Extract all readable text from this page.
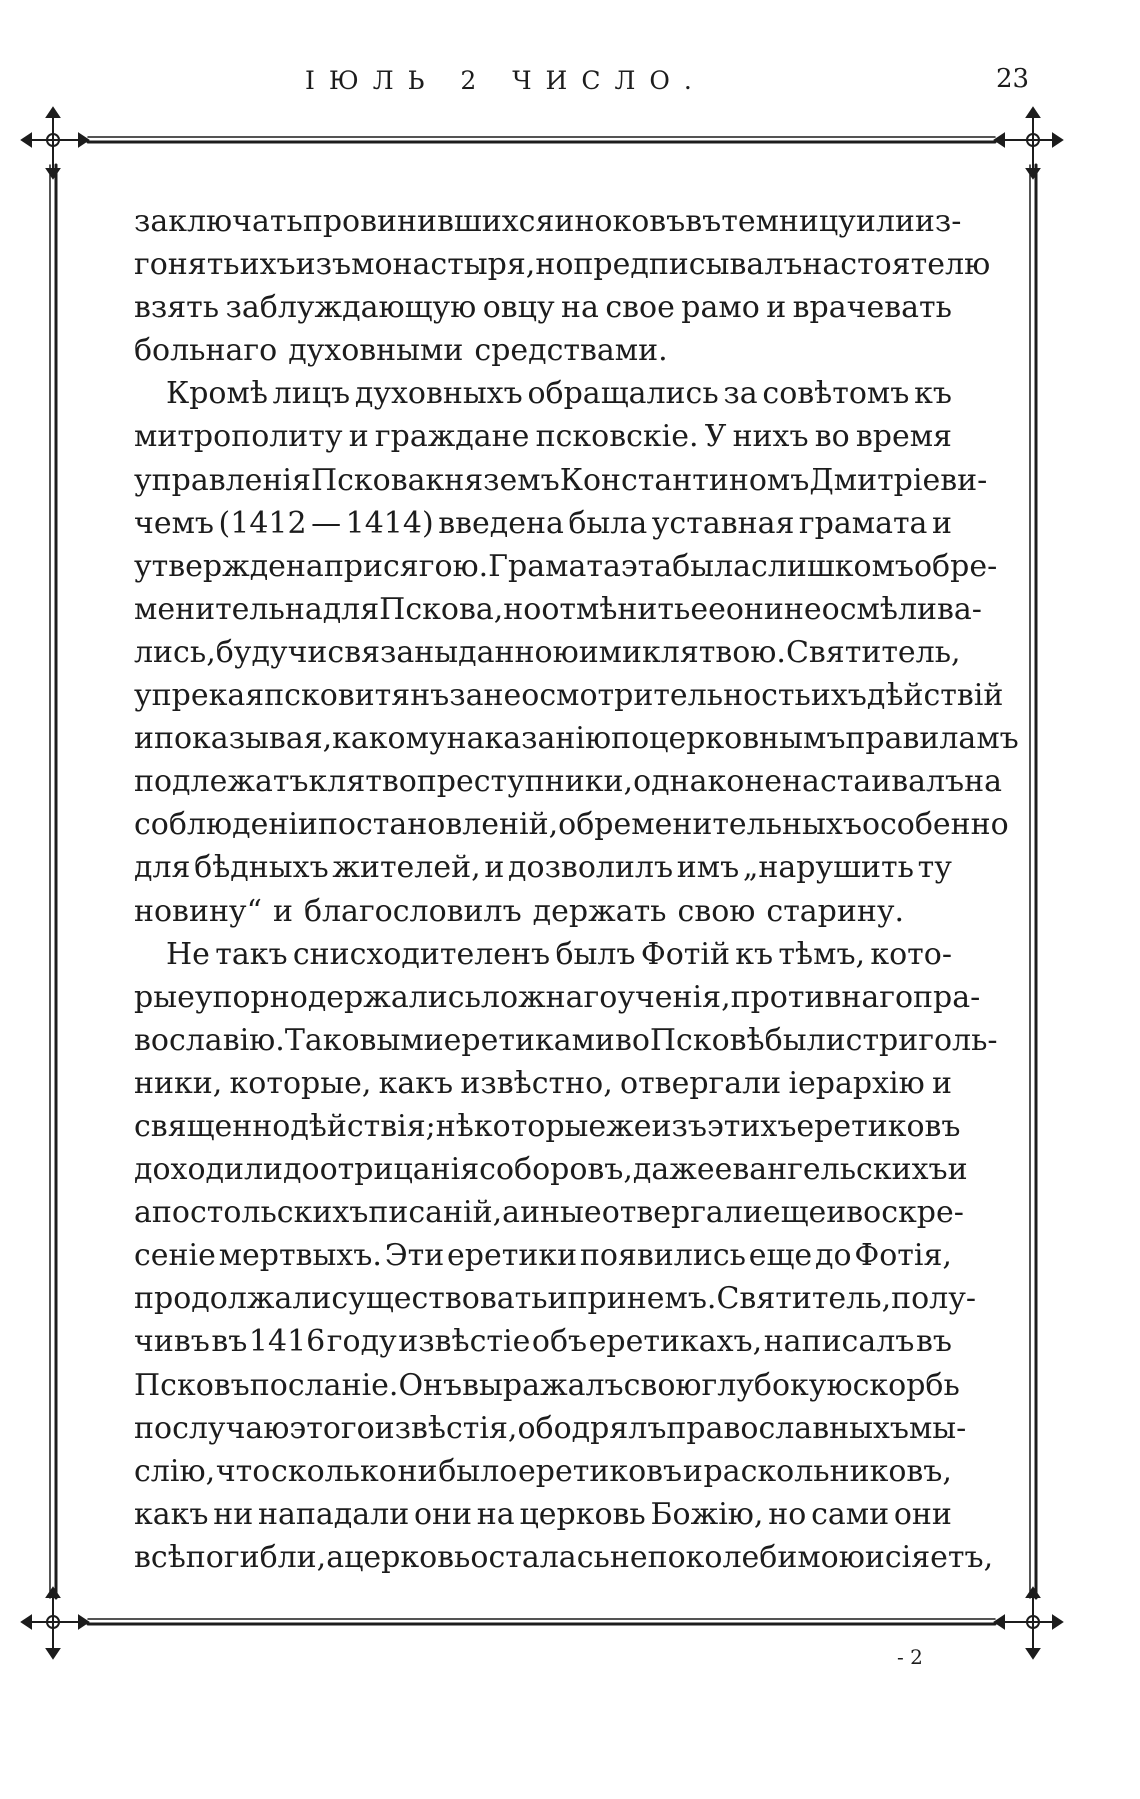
ІЮЛЬ 2 ЧИСЛО.	23
заключать провинившихся иноковъ въ темницу или из-
гонять ихъ изъ монастыря, но предписывалъ настоятелю
взять заблуждающую овцу на свое рамо и врачевать
больнаго духовными средствами.
Кромѣ лицъ духовныхъ обращались за совѣтомъ къ
митрополиту и граждане псковскіе. У нихъ во время
управленія Пскова княземъ Константиномъ Дмитріеви-
чемъ (1412 — 1414) введена была уставная грамата и
утверждена присягою. Грамата эта была слишкомъ обре-
менительна для Пскова, но отмѣнить ее они не осмѣлива-
лись, будучи связаны данною ими клятвою. Святитель,
упрекая псковитянъ за неосмотрительность ихъ дѣйствій
и показывая, какому наказанію по церковнымъ правиламъ
подлежатъ клятвопреступники, однако не настаивалъ на
соблюденіи постановленій, обременительныхъ особенно
для бѣдныхъ жителей, и дозволилъ имъ „нарушить ту
новину“ и благословилъ держать свою старину.
Не такъ снисходителенъ былъ Фотій къ тѣмъ, кото-
рые упорно держались ложнаго ученія, противнаго пра-
вославію. Таковыми еретиками во Псковѣ были стриголь-
ники, которые, какъ извѣстно, отвергали іерархію и
священнодѣйствія; нѣкоторые же изъ этихъ еретиковъ
доходили до отрицанія соборовъ, даже евангельскихъ и
апостольскихъ писаній, а иные отвергали еще и воскре-
сеніе мертвыхъ. Эти еретики появились еще до Фотія,
продолжали существовать и при немъ. Святитель, полу-
чивъ въ 1416 году извѣстіе объ еретикахъ, написалъ въ
Псковъ посланіе. Онъ выражалъ свою глубокую скорбь
по случаю этого извѣстія, ободрялъ православныхъ мы-
слію, что сколько ни было еретиковъ и раскольниковъ,
какъ ни нападали они на церковь Божію, но сами они
всѣ погибли, а церковь осталась непоколебимою и сіяетъ,
- 2
